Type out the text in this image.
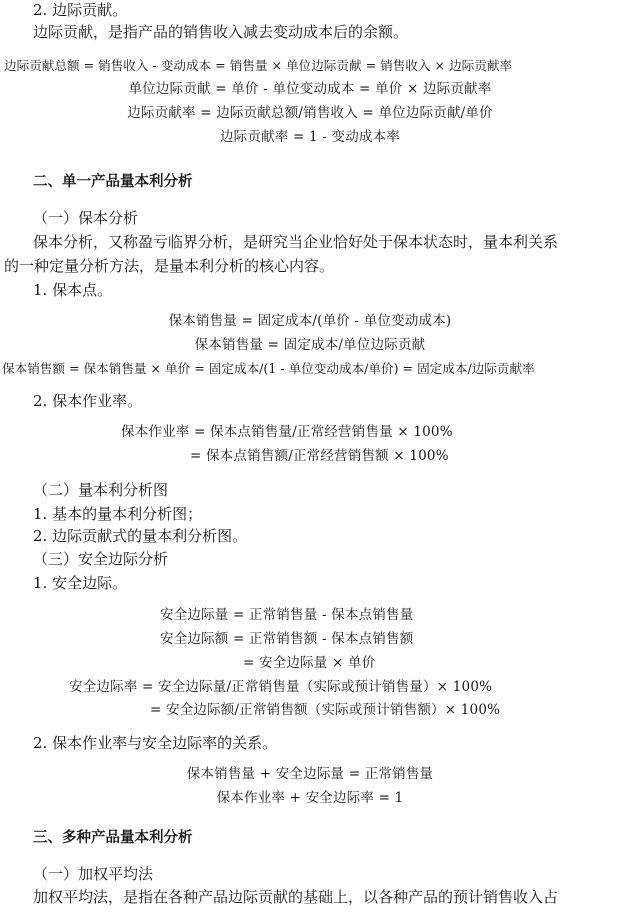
2. 边际贡献。
边际贡献，是指产品的销售收入减去变动成本后的余额。
边际贡献总额 = 销售收入 - 变动成本 = 销售量 × 单位边际贡献 = 销售收入 × 边际贡献率
单位边际贡献 = 单价 - 单位变动成本 = 单价 × 边际贡献率
边际贡献率 = 边际贡献总额/销售收入 = 单位边际贡献/单价
边际贡献率 = 1 - 变动成本率
二、单一产品量本利分析
（一）保本分析
保本分析，又称盈亏临界分析，是研究当企业恰好处于保本状态时，量本利关系
的一种定量分析方法，是量本利分析的核心内容。
1. 保本点。
保本销售量 = 固定成本/(单价 - 单位变动成本)
保本销售量 = 固定成本/单位边际贡献
保本销售额 = 保本销售量 × 单价 = 固定成本/(1 - 单位变动成本/单价) = 固定成本/边际贡献率
2. 保本作业率。
保本作业率 = 保本点销售量/正常经营销售量 × 100%
= 保本点销售额/正常经营销售额 × 100%
（二）量本利分析图
1. 基本的量本利分析图；
2. 边际贡献式的量本利分析图。
（三）安全边际分析
1. 安全边际。
安全边际量 = 正常销售量 - 保本点销售量
安全边际额 = 正常销售额 - 保本点销售额
= 安全边际量 × 单价
安全边际率 = 安全边际量/正常销售量（实际或预计销售量）× 100%
= 安全边际额/正常销售额（实际或预计销售额）× 100%
2. 保本作业率与安全边际率的关系。
保本销售量 + 安全边际量 = 正常销售量
保本作业率 + 安全边际率 = 1
三、多种产品量本利分析
（一）加权平均法
加权平均法，是指在各种产品边际贡献的基础上，以各种产品的预计销售收入占
